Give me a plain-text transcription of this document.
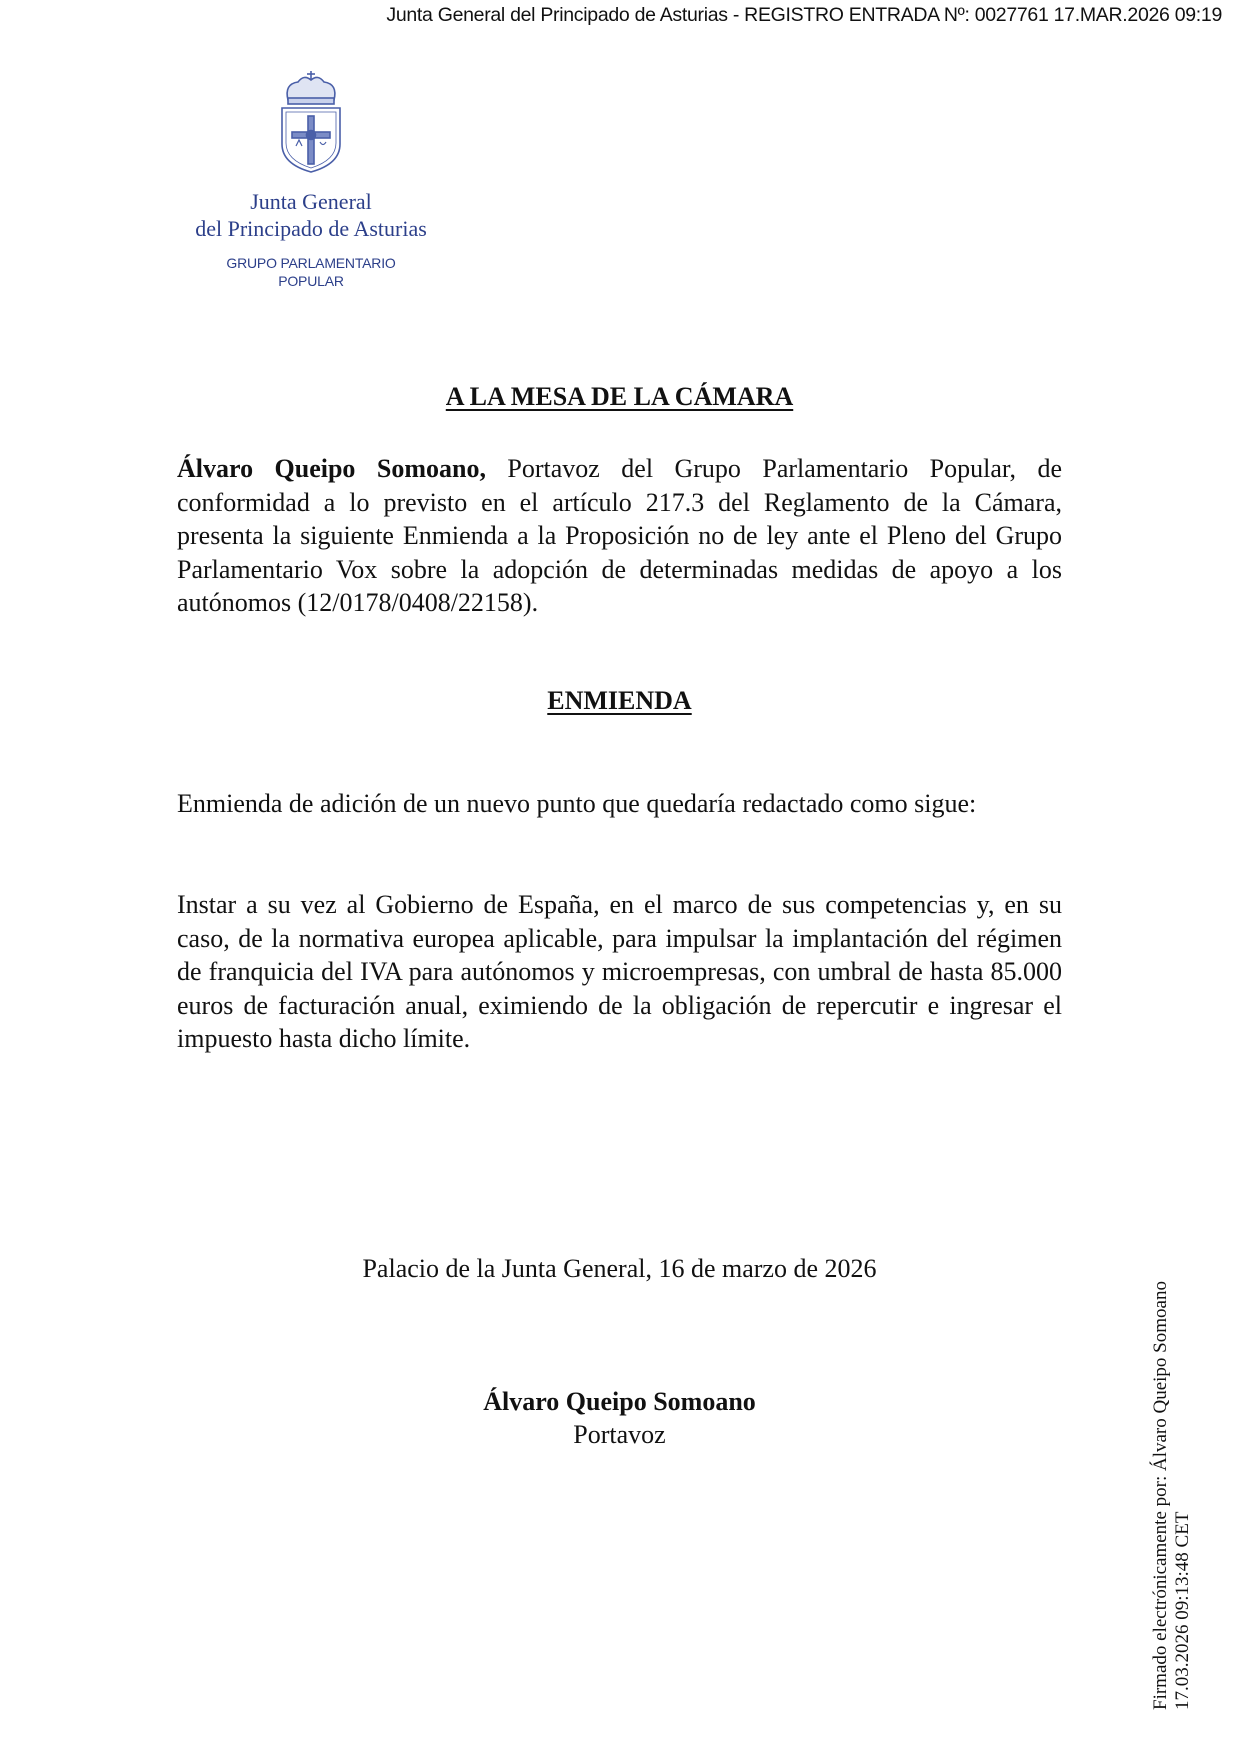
Junta General del Principado de Asturias - REGISTRO ENTRADA Nº: 0027761 17.MAR.2026 09:19
Junta General
del Principado de Asturias
GRUPO PARLAMENTARIO
POPULAR
A LA MESA DE LA CÁMARA
Álvaro Queipo Somoano, Portavoz del Grupo Parlamentario Popular, de conformidad a lo previsto en el artículo 217.3 del Reglamento de la Cámara, presenta la siguiente Enmienda a la Proposición no de ley ante el Pleno del Grupo Parlamentario Vox sobre la adopción de determinadas medidas de apoyo a los autónomos (12/0178/0408/22158).
ENMIENDA
Enmienda de adición de un nuevo punto que quedaría redactado como sigue:
Instar a su vez al Gobierno de España, en el marco de sus competencias y, en su caso, de la normativa europea aplicable, para impulsar la implantación del régimen de franquicia del IVA para autónomos y microempresas, con umbral de hasta 85.000 euros de facturación anual, eximiendo de la obligación de repercutir e ingresar el impuesto hasta dicho límite.
Palacio de la Junta General, 16 de marzo de 2026
Álvaro Queipo Somoano
Portavoz	Firmado electrónicamente por: Álvaro Queipo Somoano 17.03.2026 09:13:48 CET
